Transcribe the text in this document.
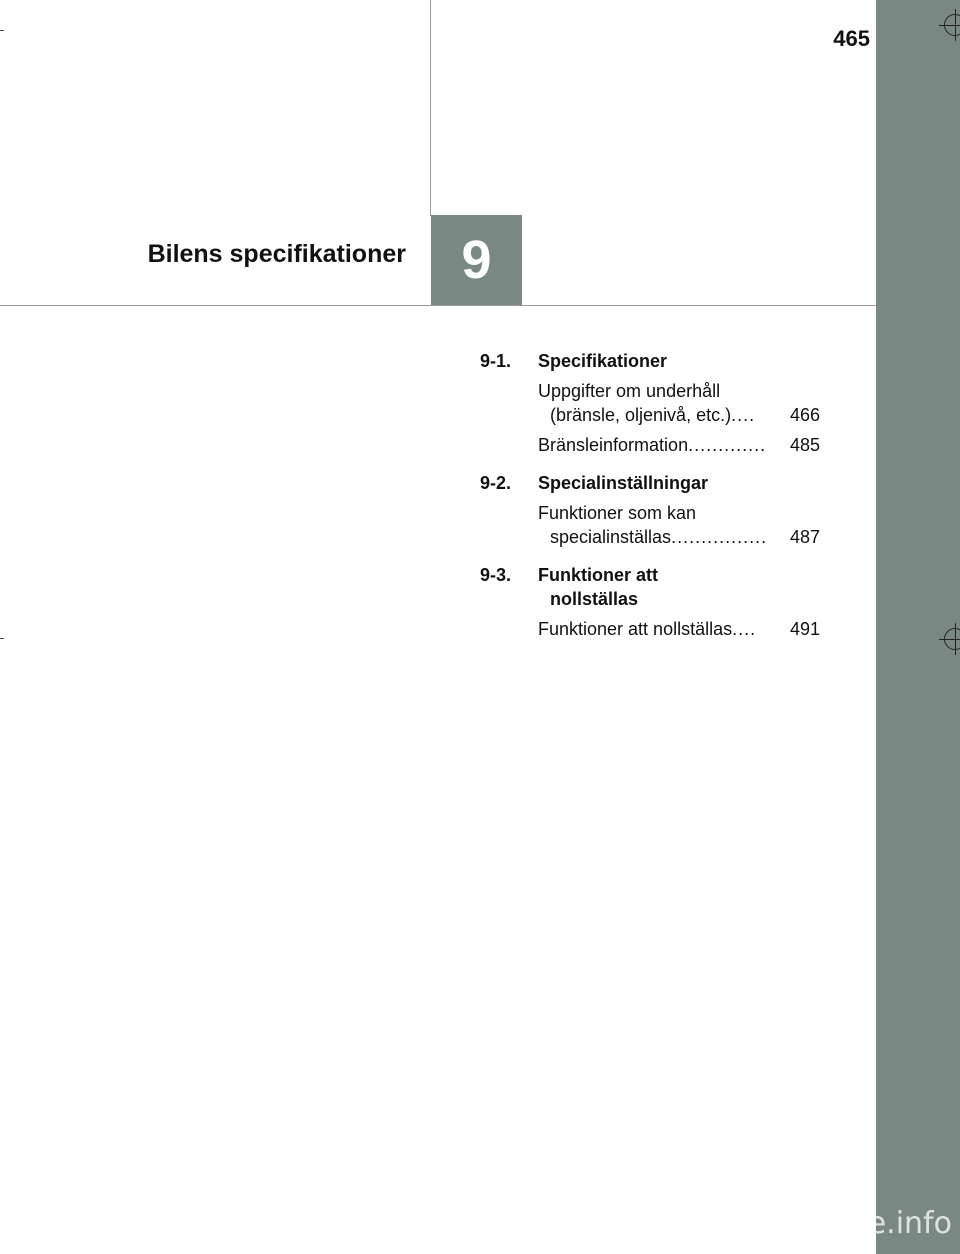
465
9
Bilens specifikationer
9-1.	Specifikationer
Uppgifter om underhåll
(bränsle, oljenivå, etc.) ....	466
Bränsleinformation .............	485
9-2.	Specialinställningar
Funktioner som kan
specialinställas ................	487
9-3.	Funktioner att
nollställas
Funktioner att nollställas ....	491
carmanualsonline.info
